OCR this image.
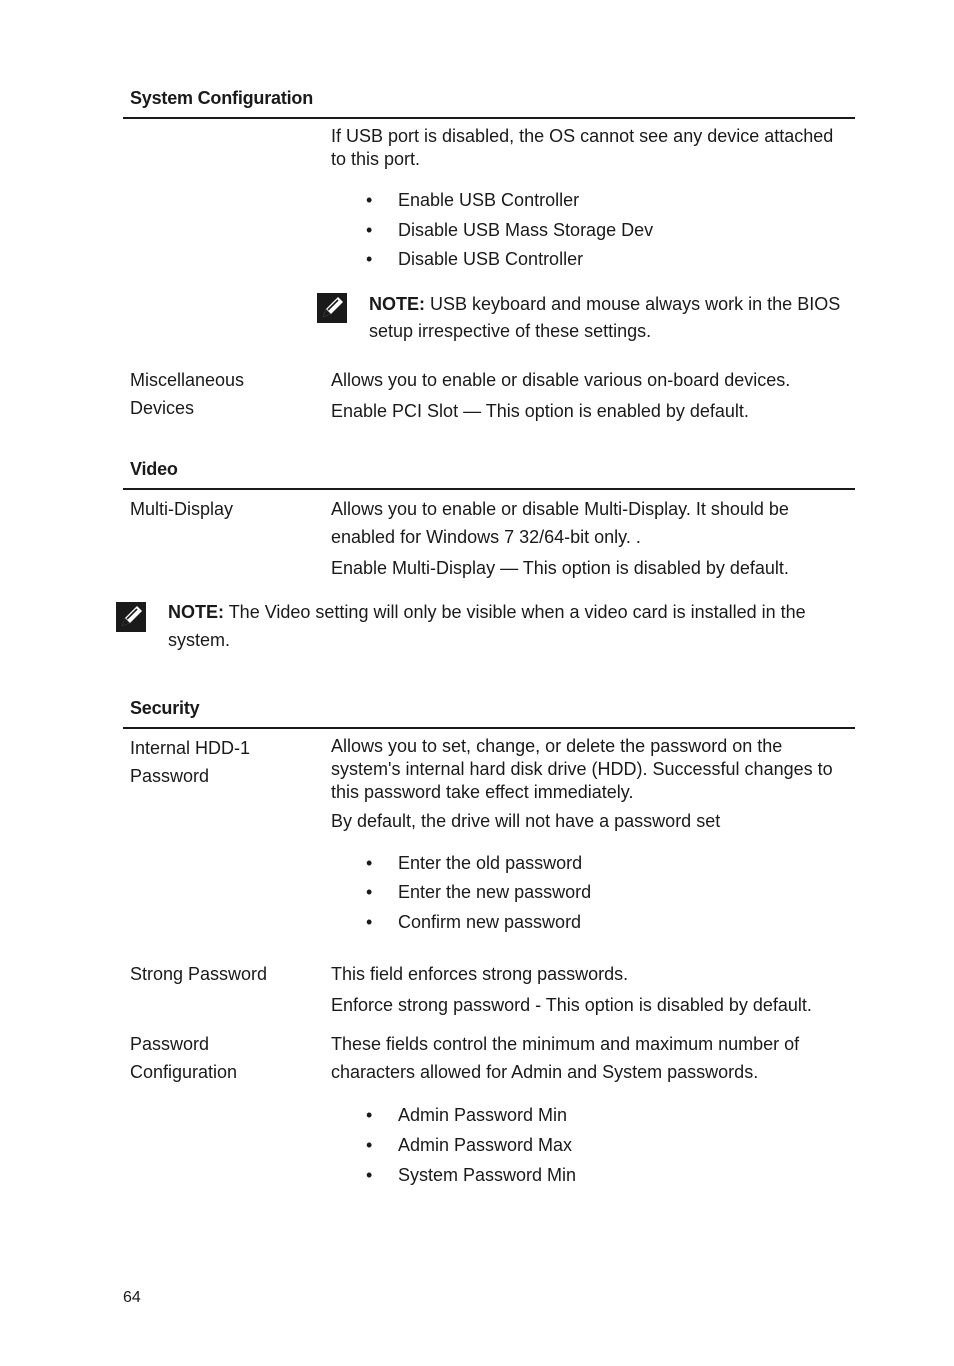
System Configuration
If USB port is disabled, the OS cannot see any device attached
to this port.
• Enable USB Controller
• Disable USB Mass Storage Dev
• Disable USB Controller
NOTE: USB keyboard and mouse always work in the BIOS
setup irrespective of these settings.
Miscellaneous
Devices
Allows you to enable or disable various on-board devices.
Enable PCI Slot — This option is enabled by default.
Video
Multi-Display	Allows you to enable or disable Multi-Display. It should be
enabled for Windows 7 32/64-bit only. .
Enable Multi-Display — This option is disabled by default.
NOTE: The Video setting will only be visible when a video card is installed in the
system.
Security
Internal HDD-1
Password
Allows you to set, change, or delete the password on the
system's internal hard disk drive (HDD). Successful changes to
this password take effect immediately.
By default, the drive will not have a password set
• Enter the old password
• Enter the new password
• Confirm new password
Strong Password	This field enforces strong passwords.
Enforce strong password - This option is disabled by default.
Password
Configuration
These fields control the minimum and maximum number of
characters allowed for Admin and System passwords.
• Admin Password Min
• Admin Password Max
• System Password Min
64
